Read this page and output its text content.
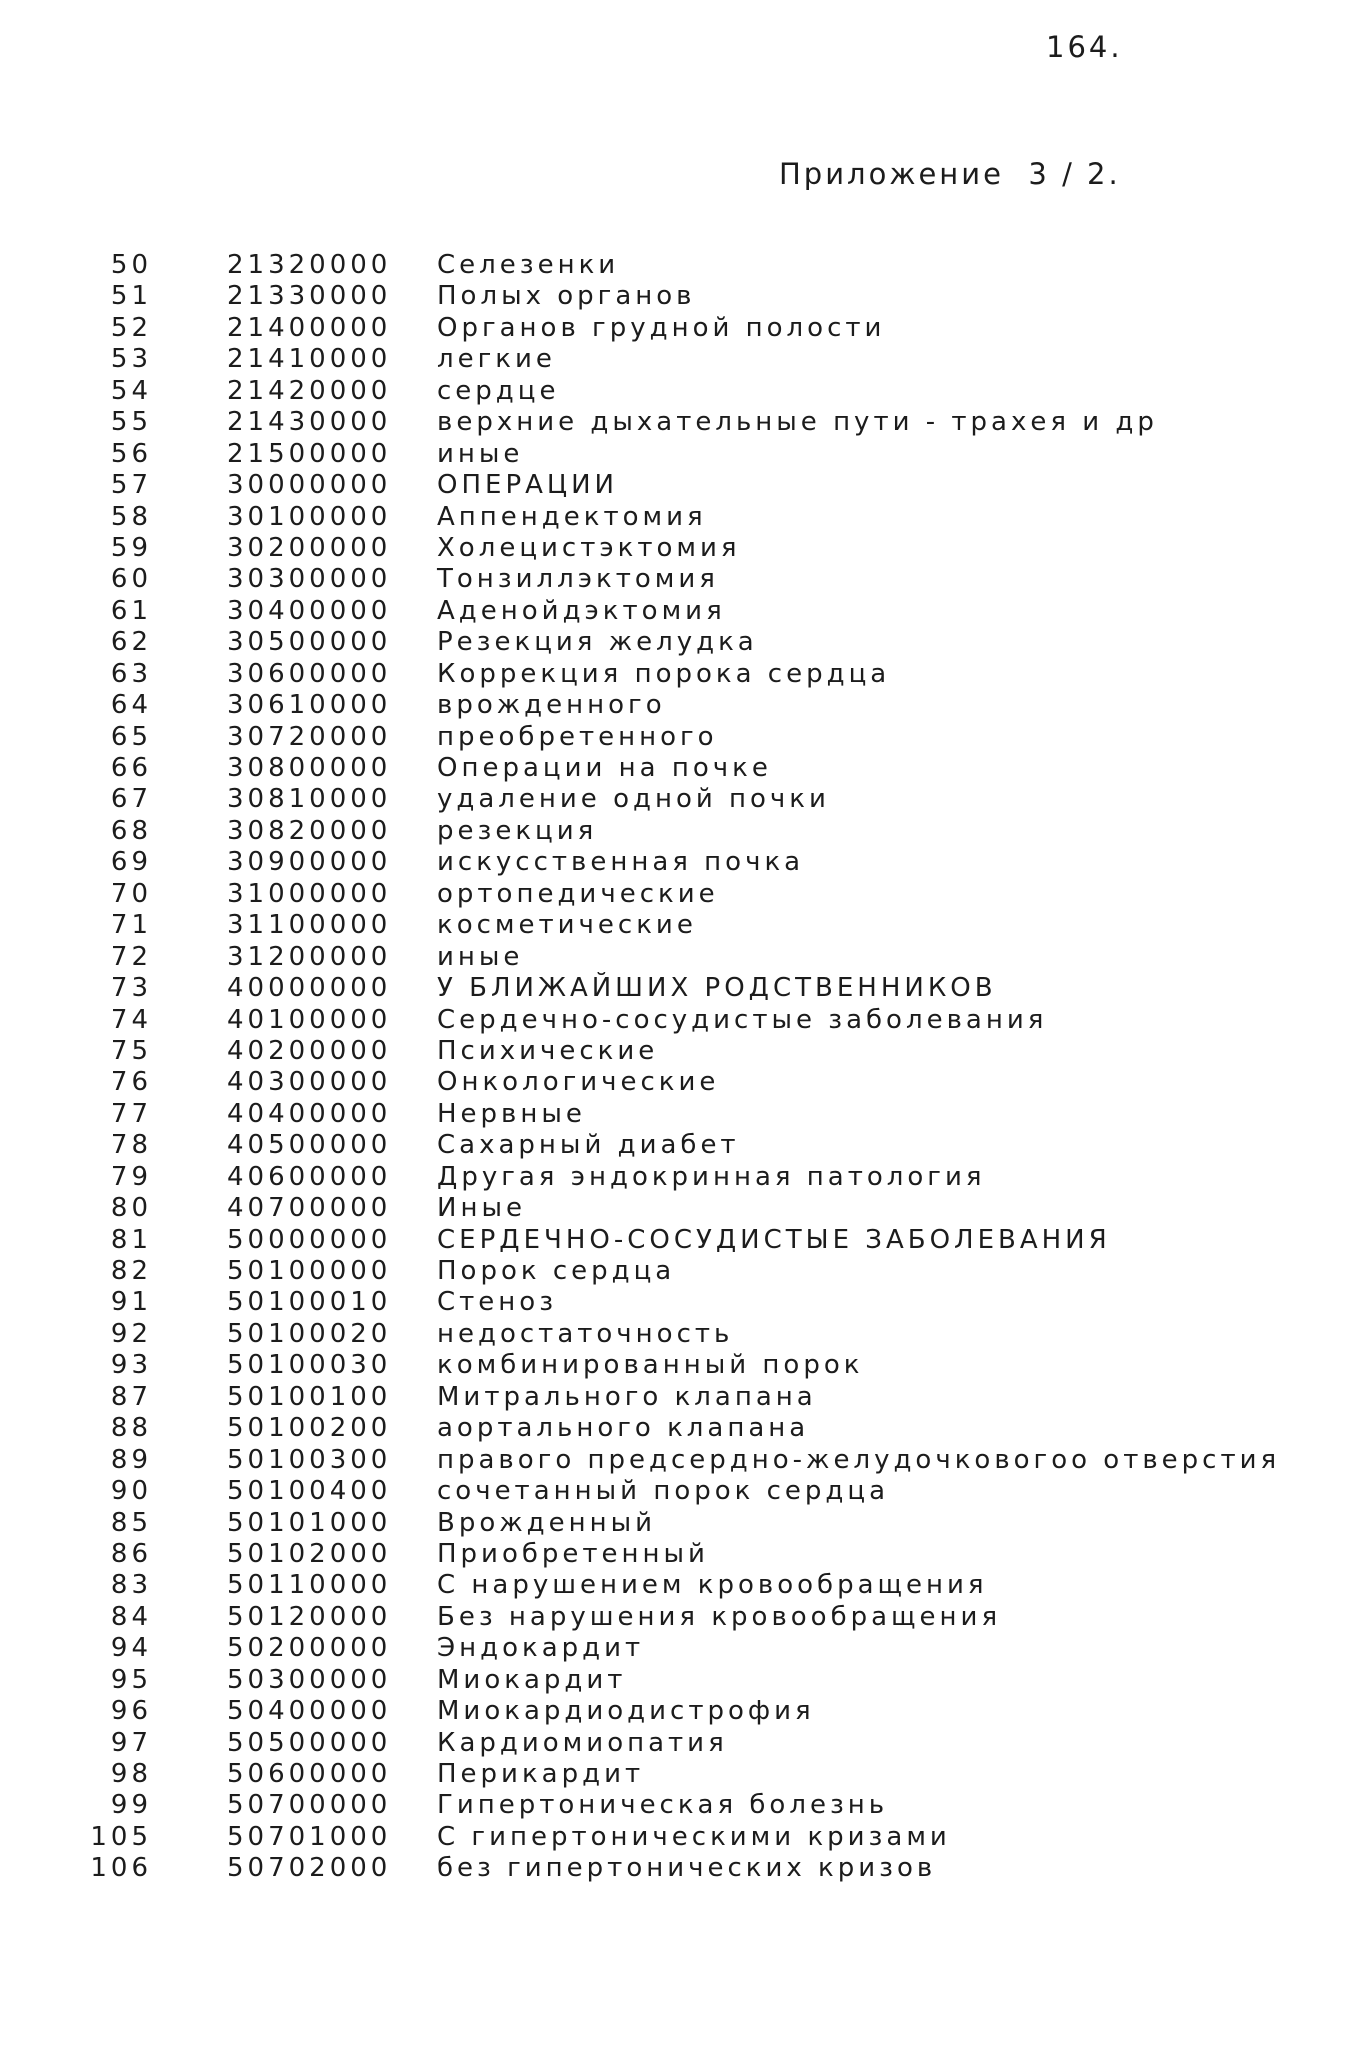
164.
Приложение  3 / 2.
50	21320000 Селезенки
51	21330000 Полых органов
52	21400000 Органов грудной полости
53	21410000 легкие
54	21420000 сердце
55	21430000 верхние дыхательные пути - трахея и др
56	21500000 иные
57	30000000 ОПЕРАЦИИ
58	30100000 Аппендектомия
59	30200000 Холецистэктомия
60	30300000 Тонзиллэктомия
61	30400000 Аденойдэктомия
62	30500000 Резекция желудка
63	30600000 Коррекция порока сердца
64	30610000 врожденного
65	30720000 преобретенного
66	30800000 Операции на почке
67	30810000 удаление одной почки
68	30820000 резекция
69	30900000 искусственная почка
70	31000000 ортопедические
71	31100000 косметические
72	31200000 иные
73	40000000 У БЛИЖАЙШИХ РОДСТВЕННИКОВ
74	40100000 Сердечно-сосудистые заболевания
75	40200000 Психические
76	40300000 Онкологические
77	40400000 Нервные
78	40500000 Сахарный диабет
79	40600000 Другая эндокринная патология
80	40700000 Иные
81	50000000 СЕРДЕЧНО-СОСУДИСТЫЕ ЗАБОЛЕВАНИЯ
82	50100000 Порок сердца
91	50100010 Стеноз
92	50100020 недостаточность
93	50100030 комбинированный порок
87	50100100 Митрального клапана
88	50100200 аортального клапана
89	50100300 правого предсердно-желудочковогоо отверстия
90	50100400 сочетанный порок сердца
85	50101000 Врожденный
86	50102000 Приобретенный
83	50110000 С нарушением кровообращения
84	50120000 Без нарушения кровообращения
94	50200000 Эндокардит
95	50300000 Миокардит
96	50400000 Миокардиодистрофия
97	50500000 Кардиомиопатия
98	50600000 Перикардит
99	50700000 Гипертоническая болезнь
105	50701000 С гипертоническими кризами
106	50702000 без гипертонических кризов
